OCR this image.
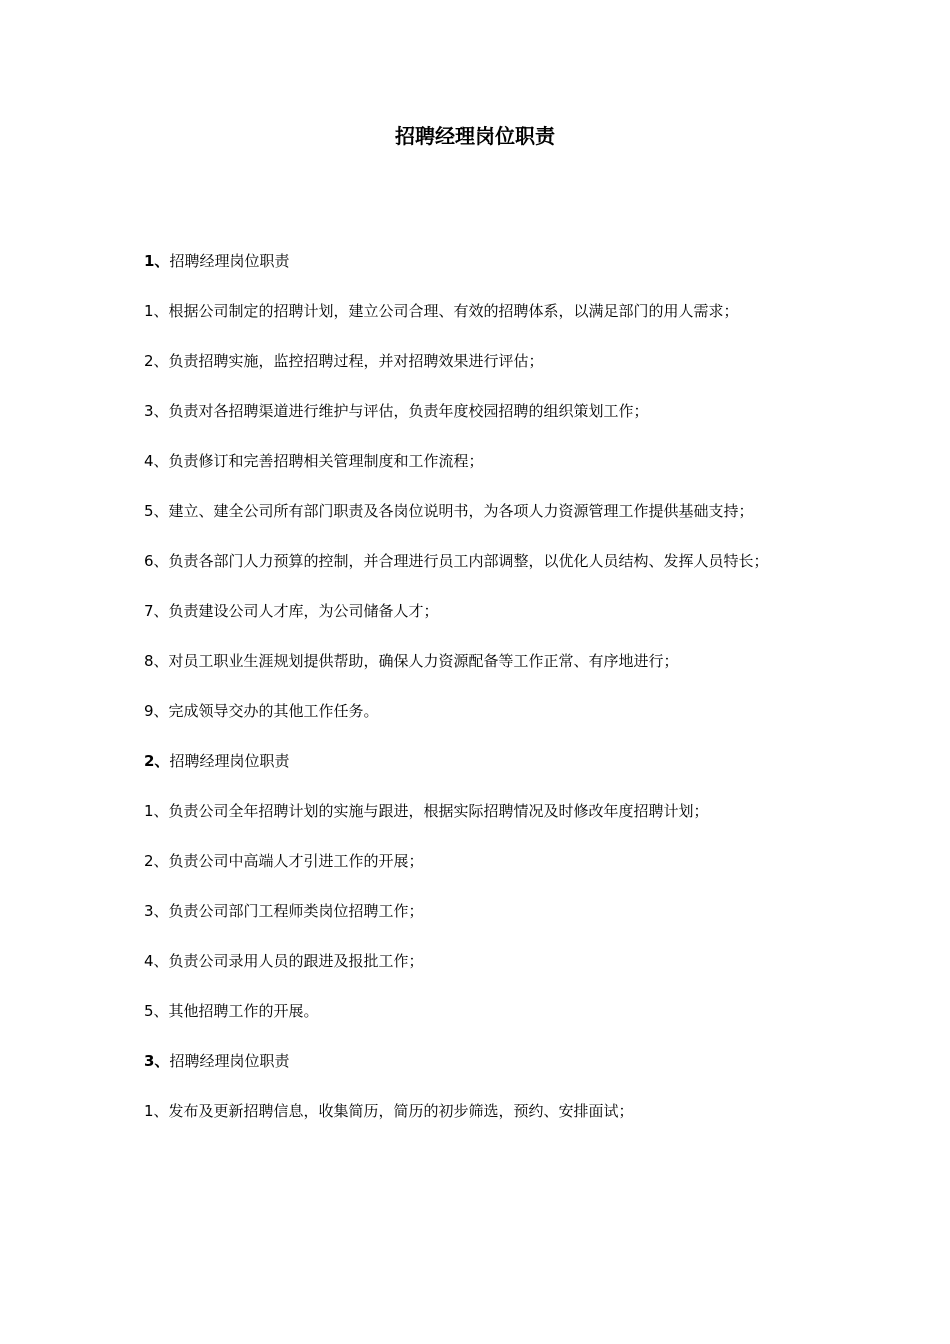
招聘经理岗位职责

1、招聘经理岗位职责

1、根据公司制定的招聘计划，建立公司合理、有效的招聘体系，以满足部门的用人需求；

2、负责招聘实施，监控招聘过程，并对招聘效果进行评估；

3、负责对各招聘渠道进行维护与评估，负责年度校园招聘的组织策划工作；

4、负责修订和完善招聘相关管理制度和工作流程；

5、建立、建全公司所有部门职责及各岗位说明书，为各项人力资源管理工作提供基础支持；

6、负责各部门人力预算的控制，并合理进行员工内部调整，以优化人员结构、发挥人员特长；

7、负责建设公司人才库，为公司储备人才；

8、对员工职业生涯规划提供帮助，确保人力资源配备等工作正常、有序地进行；

9、完成领导交办的其他工作任务。

2、招聘经理岗位职责

1、负责公司全年招聘计划的实施与跟进，根据实际招聘情况及时修改年度招聘计划；

2、负责公司中高端人才引进工作的开展；

3、负责公司部门工程师类岗位招聘工作；

4、负责公司录用人员的跟进及报批工作；

5、其他招聘工作的开展。

3、招聘经理岗位职责

1、发布及更新招聘信息，收集简历，简历的初步筛选，预约、安排面试；
